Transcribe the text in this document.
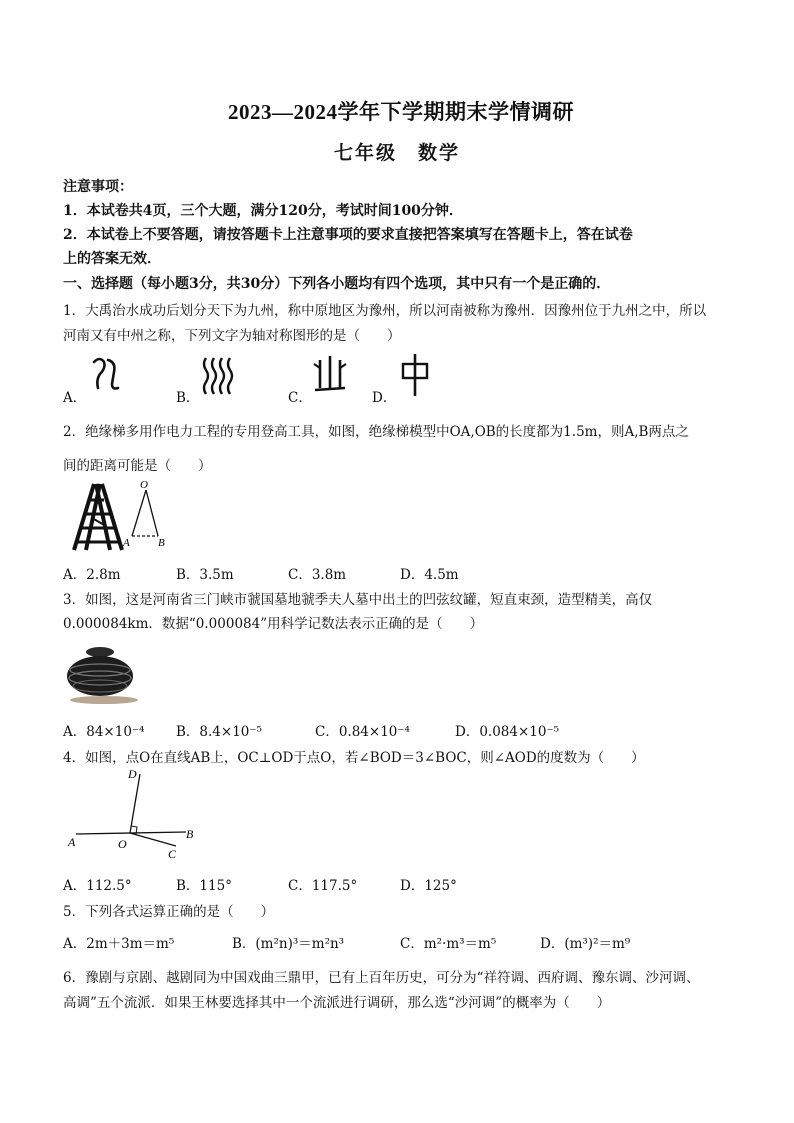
2023—2024学年下学期期末学情调研
七年级　数学
注意事项：
1．本试卷共4页，三个大题，满分120分，考试时间100分钟．
2．本试卷上不要答题，请按答题卡上注意事项的要求直接把答案填写在答题卡上，答在试卷
上的答案无效．
一、选择题（每小题3分，共30分）下列各小题均有四个选项，其中只有一个是正确的．
1．大禹治水成功后划分天下为九州，称中原地区为豫州，所以河南被称为豫州．因豫州位于九州之中，所以
河南又有中州之称，下列文字为轴对称图形的是（　　）
A．	B．	C．	D．
2．绝缘梯多用作电力工程的专用登高工具，如图，绝缘梯模型中OA,OB的长度都为1.5m，则A,B两点之
间的距离可能是（　　）
O
A	B
A．2.8m	B．3.5m	C．3.8m	D．4.5m
3．如图，这是河南省三门峡市虢国墓地虢季夫人墓中出土的凹弦纹罐，短直束颈，造型精美，高仅
0.000084km．数据“0.000084”用科学记数法表示正确的是（　　）
A．84×10⁻⁴ B．8.4×10⁻⁵	C．0.84×10⁻⁴	D．0.084×10⁻⁵
4．如图，点O在直线AB上，OC⊥OD于点O，若∠BOD＝3∠BOC，则∠AOD的度数为（　　）
D
A	O
B
C
A．112.5°	B．115°	C．117.5°	D．125°
5．下列各式运算正确的是（　　）
A．2m＋3m＝m⁵	B．(m²n)³＝m²n³	C．m²·m³＝m⁵	D．(m³)²＝m⁹
6．豫剧与京剧、越剧同为中国戏曲三鼎甲，已有上百年历史，可分为“祥符调、西府调、豫东调、沙河调、
高调”五个流派．如果王林要选择其中一个流派进行调研，那么选“沙河调”的概率为（　　）
